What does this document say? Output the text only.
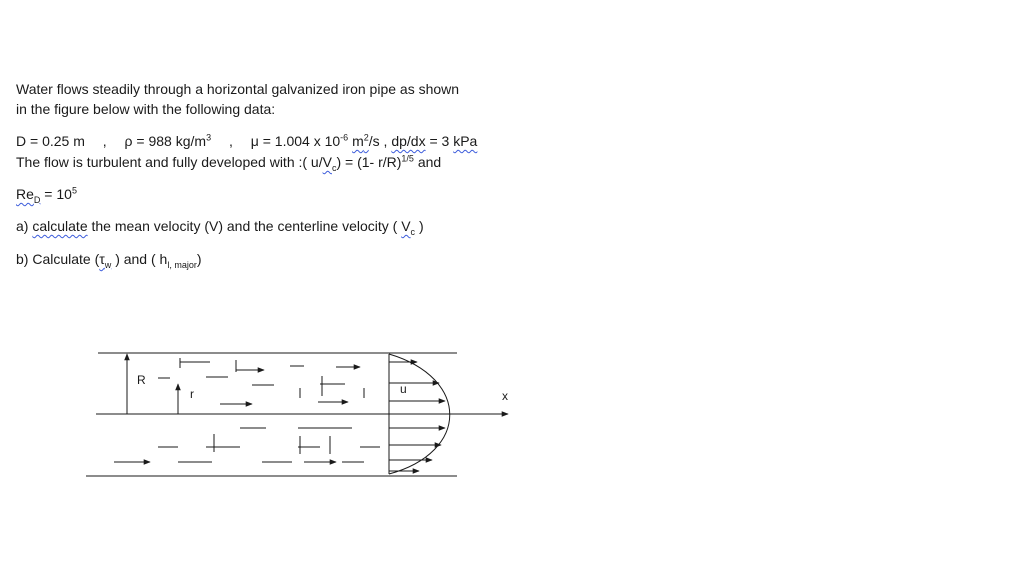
Water flows steadily through a horizontal galvanized iron pipe as shown
in the figure below with the following data:
D = 0.25 m , ρ = 988 $kg/m^3$ , μ = 1.004 x $10^{-6}$ $m^2/s$ , dp/dx = 3 kPa
The flow is turbulent and fully developed with :( $u/V_c) = (1-$ r/R)$^{1/5}$ and
$Re_D = 10^5$
a) calculate the mean velocity (V) and the centerline velocity ( $V_c$ )
b) Calculate ($\tau_w$ ) and ( $h_{l, major}$)
R
r	u	x
